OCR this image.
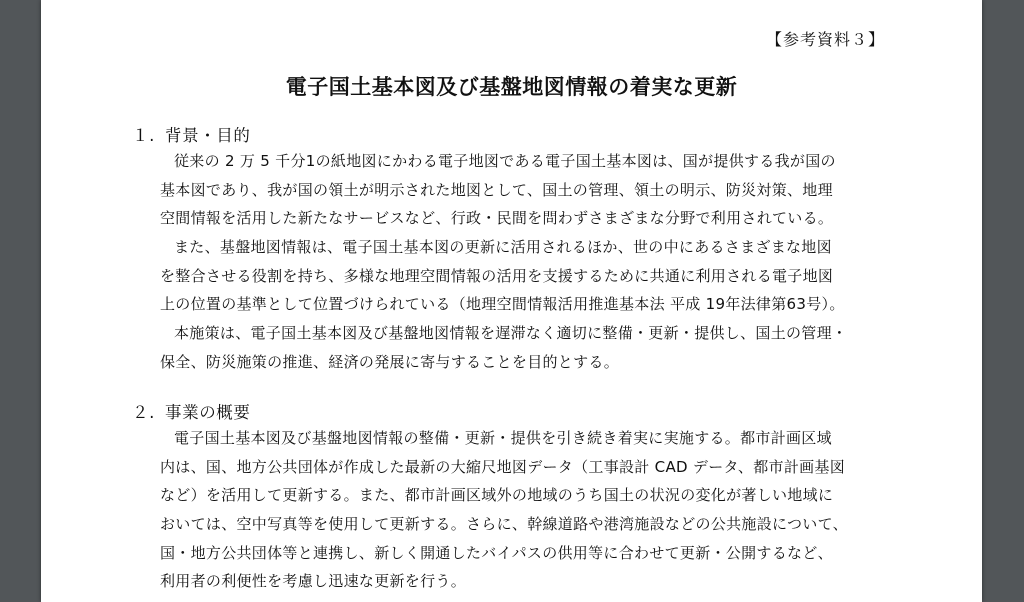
【参考資料３】
電子国土基本図及び基盤地図情報の着実な更新
１. 背景・目的
従来の 2 万 5 千分1の紙地図にかわる電子地図である電子国土基本図は、国が提供する我が国の
基本図であり、我が国の領土が明示された地図として、国土の管理、領土の明示、防災対策、地理
空間情報を活用した新たなサービスなど、行政・民間を問わずさまざまな分野で利用されている。
また、基盤地図情報は、電子国土基本図の更新に活用されるほか、世の中にあるさまざまな地図
を整合させる役割を持ち、多様な地理空間情報の活用を支援するために共通に利用される電子地図
上の位置の基準として位置づけられている（地理空間情報活用推進基本法 平成 19年法律第63号）。
本施策は、電子国土基本図及び基盤地図情報を遅滞なく適切に整備・更新・提供し、国土の管理・
保全、防災施策の推進、経済の発展に寄与することを目的とする。
２. 事業の概要
電子国土基本図及び基盤地図情報の整備・更新・提供を引き続き着実に実施する。都市計画区域
内は、国、地方公共団体が作成した最新の大縮尺地図データ（工事設計 CAD データ、都市計画基図
など）を活用して更新する。また、都市計画区域外の地域のうち国土の状況の変化が著しい地域に
おいては、空中写真等を使用して更新する。さらに、幹線道路や港湾施設などの公共施設について、
国・地方公共団体等と連携し、新しく開通したバイパスの供用等に合わせて更新・公開するなど、
利用者の利便性を考慮し迅速な更新を行う。
